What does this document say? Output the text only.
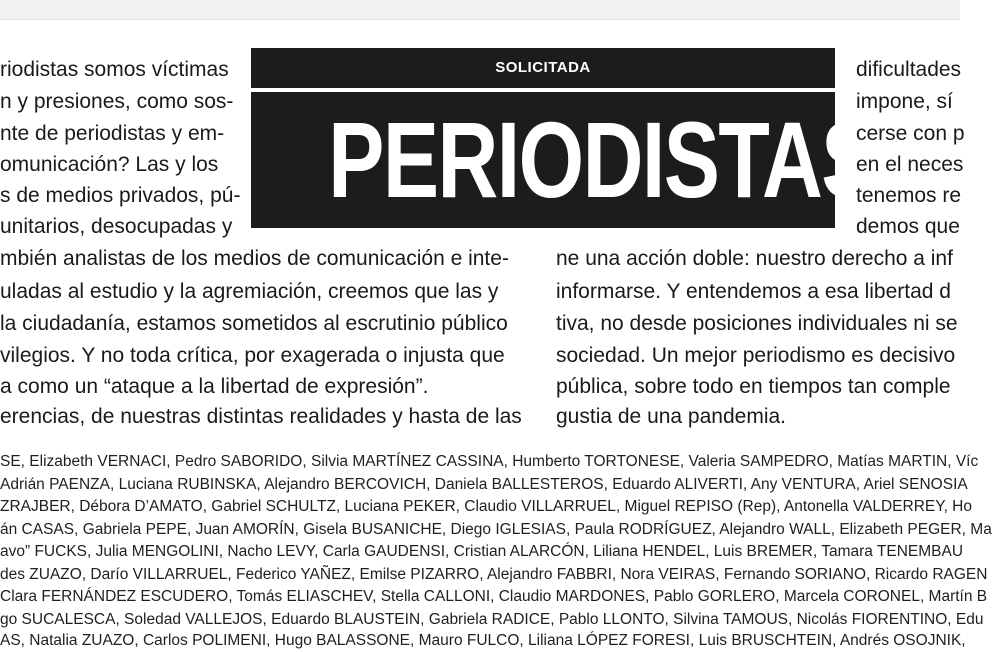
riodistas somos víctimas
n y presiones, como sos-
nte de periodistas y em-
omunicación? Las y los
s de medios privados, pú-
unitarios, desocupadas y
SOLICITADA
PERIODISTAS
dificultades
impone, sí
cerse con p
en el neces
tenemos re
demos que
mbién analistas de los medios de comunicación e inte-
uladas al estudio y la agremiación, creemos que las y
la ciudadanía, estamos sometidos al escrutinio público
vilegios. Y no toda crítica, por exagerada o injusta que
a como un “ataque a la libertad de expresión”.
erencias, de nuestras distintas realidades y hasta de las
ne una acción doble: nuestro derecho a inf
informarse. Y entendemos a esa libertad d
tiva, no desde posiciones individuales ni se
sociedad. Un mejor periodismo es decisivo
pública, sobre todo en tiempos tan comple
gustia de una pandemia.
SE, Elizabeth VERNACI, Pedro SABORIDO, Silvia MARTÍNEZ CASSINA, Humberto TORTONESE, Valeria SAMPEDRO, Matías MARTIN, Víc
Adrián PAENZA, Luciana RUBINSKA, Alejandro BERCOVICH, Daniela BALLESTEROS, Eduardo ALIVERTI, Any VENTURA, Ariel SENOSIA
ZRAJBER, Débora D’AMATO, Gabriel SCHULTZ, Luciana PEKER, Claudio VILLARRUEL, Miguel REPISO (Rep), Antonella VALDERREY, Ho
án CASAS, Gabriela PEPE, Juan AMORÍN, Gisela BUSANICHE, Diego IGLESIAS, Paula RODRÍGUEZ, Alejandro WALL, Elizabeth PEGER, Ma
avo” FUCKS, Julia MENGOLINI, Nacho LEVY, Carla GAUDENSI, Cristian ALARCÓN, Liliana HENDEL, Luis BREMER, Tamara TENEMBAU
des ZUAZO, Darío VILLARRUEL, Federico YAÑEZ, Emilse PIZARRO, Alejandro FABBRI, Nora VEIRAS, Fernando SORIANO, Ricardo RAGEN
Clara FERNÁNDEZ ESCUDERO, Tomás ELIASCHEV, Stella CALLONI, Claudio MARDONES, Pablo GORLERO, Marcela CORONEL, Martín B
go SUCALESCA, Soledad VALLEJOS, Eduardo BLAUSTEIN, Gabriela RADICE, Pablo LLONTO, Silvina TAMOUS, Nicolás FIORENTINO, Edu
AS, Natalia ZUAZO, Carlos POLIMENI, Hugo BALASSONE, Mauro FULCO, Liliana LÓPEZ FORESI, Luis BRUSCHTEIN, Andrés OSOJNIK,
